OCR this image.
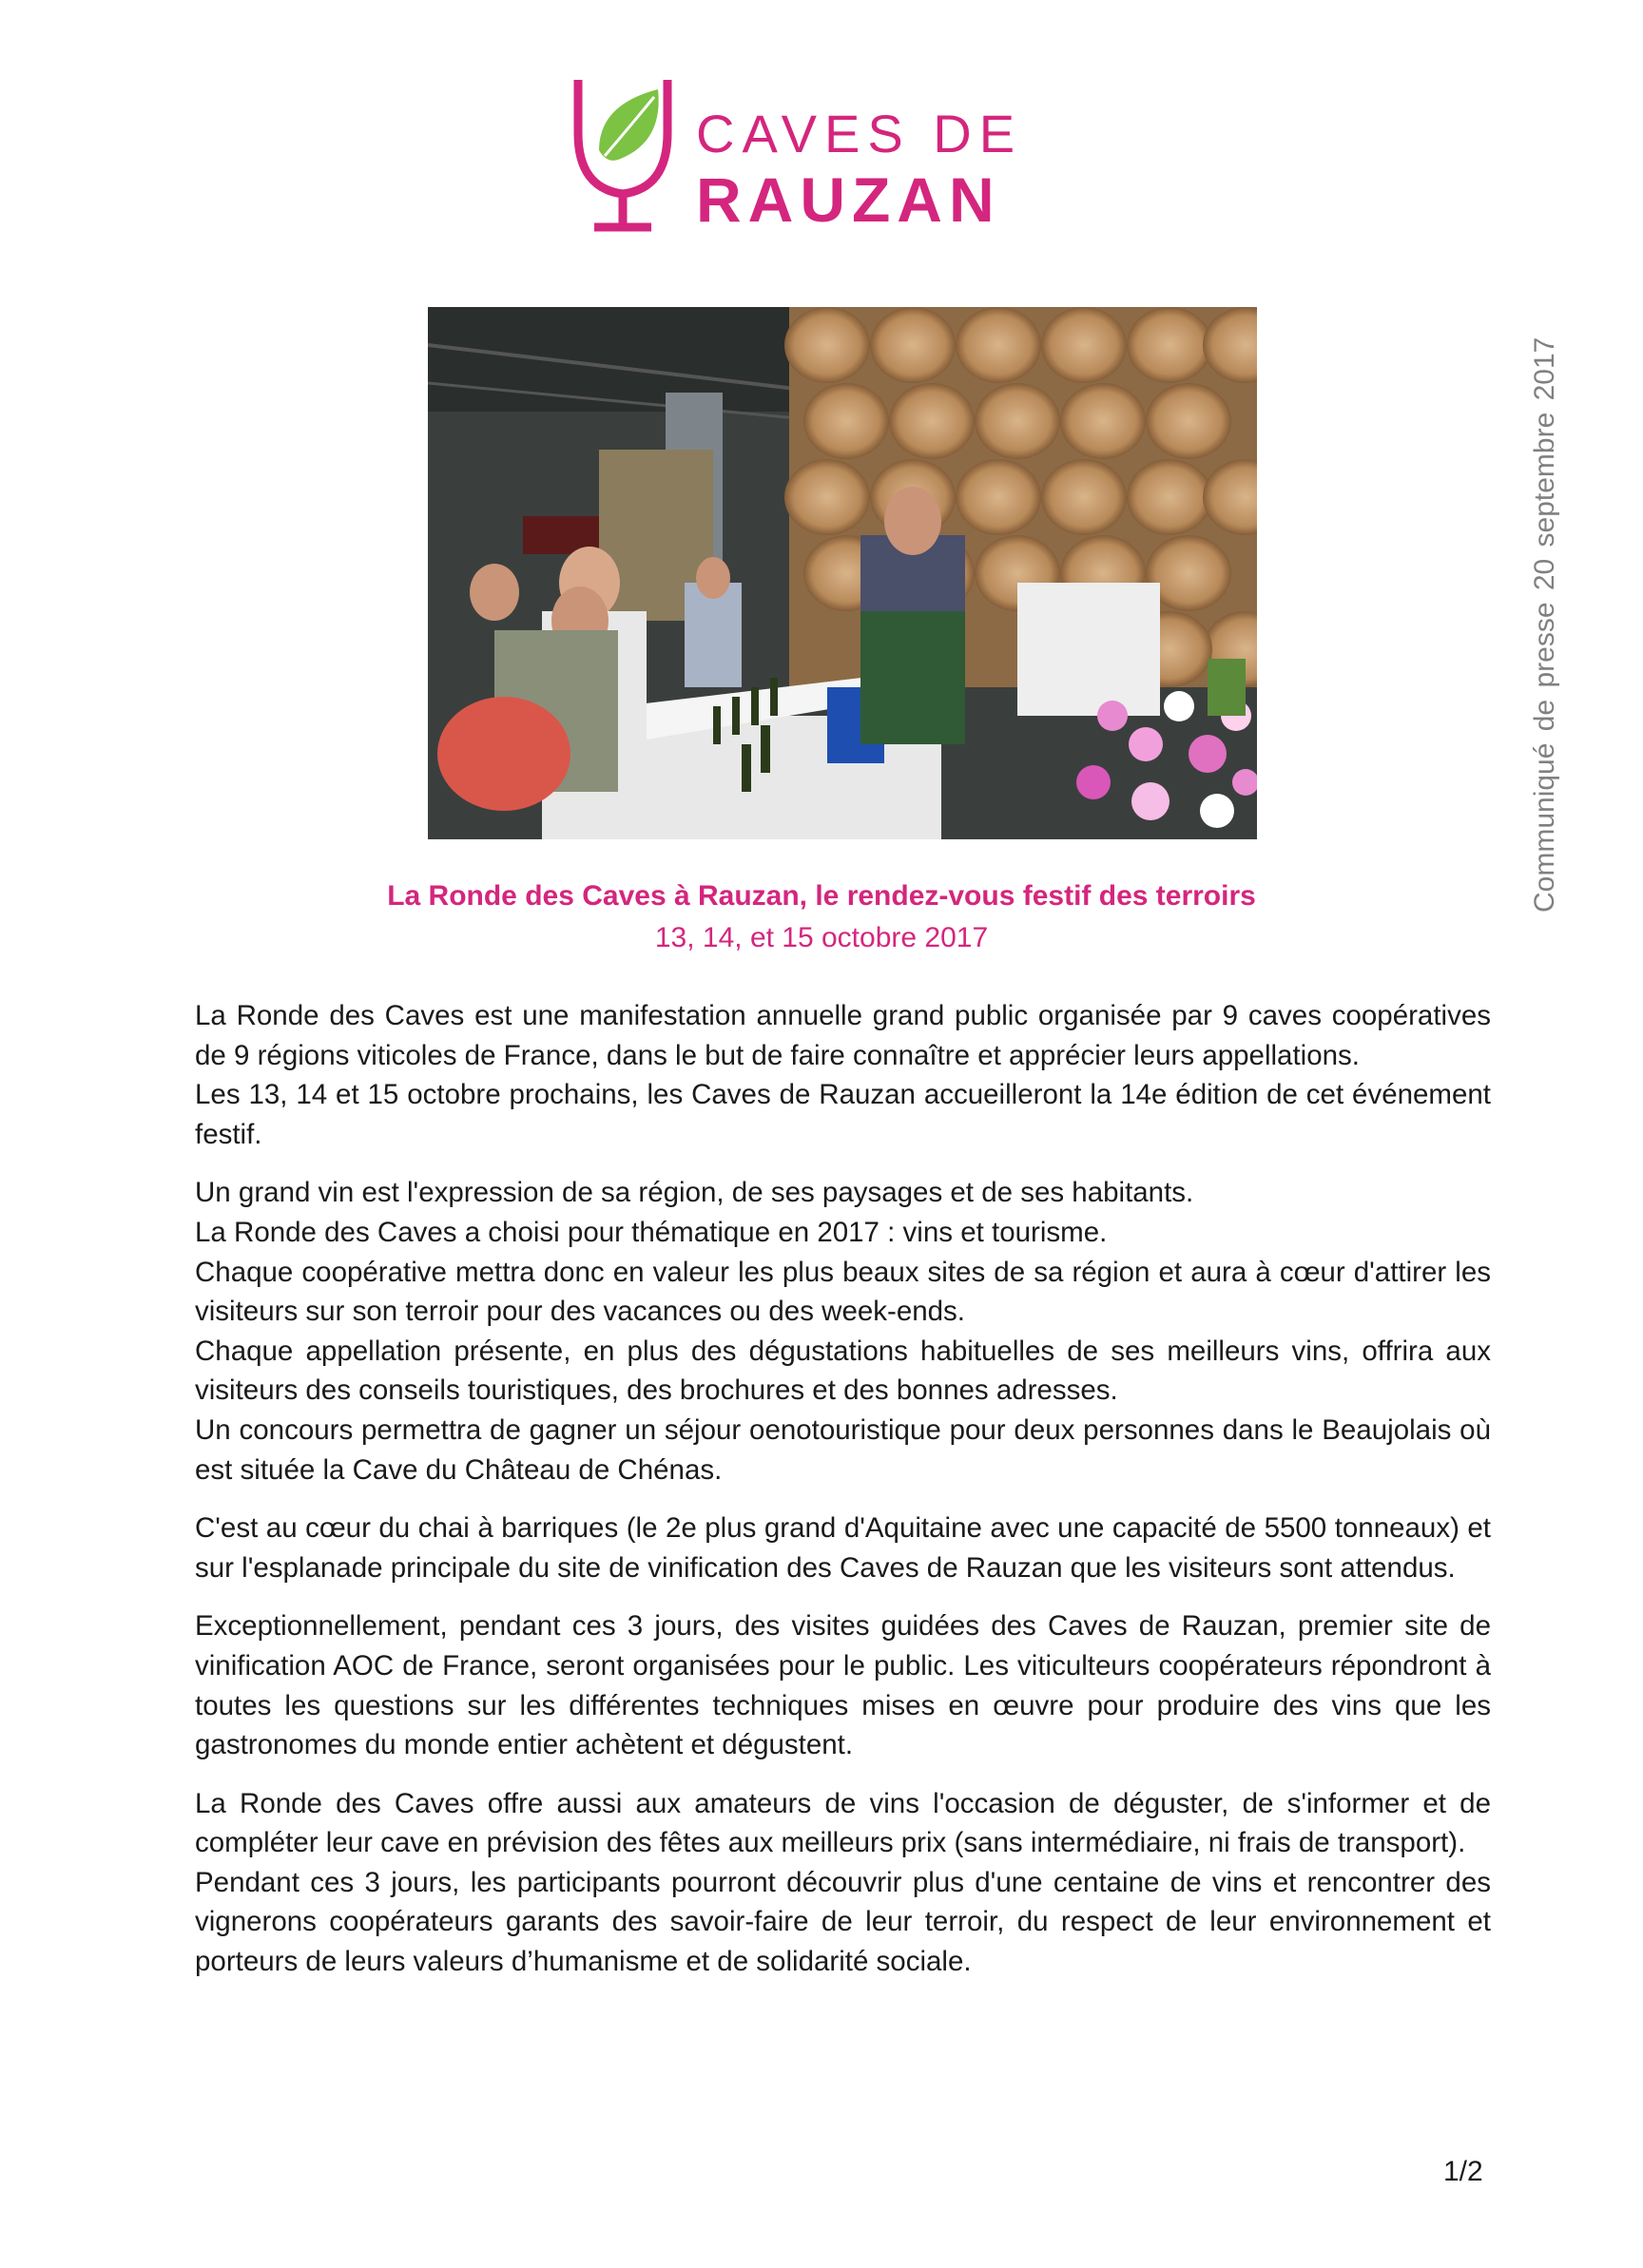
CAVES DE
RAUZAN
Communiqué de presse 20 septembre 2017
La Ronde des Caves à Rauzan, le rendez-vous festif des terroirs
13, 14, et 15 octobre 2017
La Ronde des Caves est une manifestation annuelle grand public organisée par 9 caves coopératives de 9 régions viticoles de France, dans le but de faire connaître et apprécier leurs appellations.
Les 13, 14 et 15 octobre prochains, les Caves de Rauzan accueilleront la 14e édition de cet événement festif.
Un grand vin est l'expression de sa région, de ses paysages et de ses habitants.
La Ronde des Caves a choisi pour thématique en 2017 : vins et tourisme.
Chaque coopérative mettra donc en valeur les plus beaux sites de sa région et aura à cœur d'attirer les visiteurs sur son terroir pour des vacances ou des week-ends.
Chaque appellation présente, en plus des dégustations habituelles de ses meilleurs vins, offrira aux visiteurs des conseils touristiques, des brochures et des bonnes adresses.
Un concours permettra de gagner un séjour oenotouristique pour deux personnes dans le Beaujolais où est située la Cave du Château de Chénas.
C'est au cœur du chai à barriques (le 2e plus grand d'Aquitaine avec une capacité de 5500 tonneaux) et sur l'esplanade principale du site de vinification des Caves de Rauzan que les visiteurs sont attendus.
Exceptionnellement, pendant ces 3 jours, des visites guidées des Caves de Rauzan, premier site de vinification AOC de France, seront organisées pour le public. Les viticulteurs coopérateurs répondront à toutes les questions sur les différentes techniques mises en œuvre pour produire des vins que les gastronomes du monde entier achètent et dégustent.
La Ronde des Caves offre aussi aux amateurs de vins l'occasion de déguster, de s'informer et de compléter leur cave en prévision des fêtes aux meilleurs prix (sans intermédiaire, ni frais de transport).
Pendant ces 3 jours, les participants pourront découvrir plus d'une centaine de vins et rencontrer des vignerons coopérateurs garants des savoir-faire de leur terroir, du respect de leur environnement et porteurs de leurs valeurs d’humanisme et de solidarité sociale.
1/2
